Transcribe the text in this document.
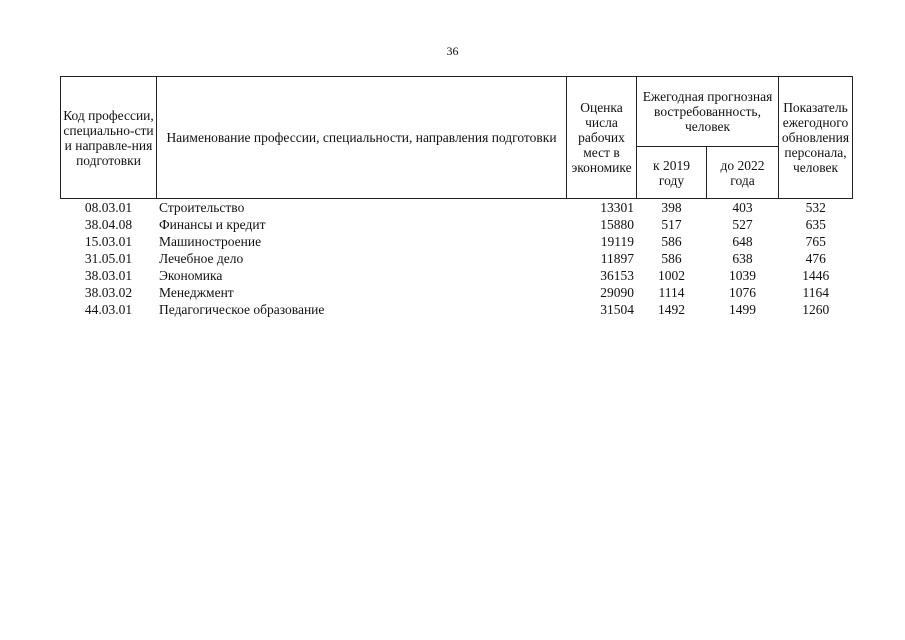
36
Код профессии, специально-сти и направле-ния подготовки	Наименование профессии, специальности, направления подготовки	Оценка числа рабочих мест в экономике	Ежегодная прогнозная востребованность, человек		Показатель ежегодного обновления персонала, человек
			к 2019 году	до 2022 года	
08.03.01	Строительство	13301	398	403	532
38.04.08	Финансы и кредит	15880	517	527	635
15.03.01	Машиностроение	19119	586	648	765
31.05.01	Лечебное дело	11897	586	638	476
38.03.01	Экономика	36153	1002	1039	1446
38.03.02	Менеджмент	29090	1114	1076	1164
44.03.01	Педагогическое образование	31504	1492	1499	1260
